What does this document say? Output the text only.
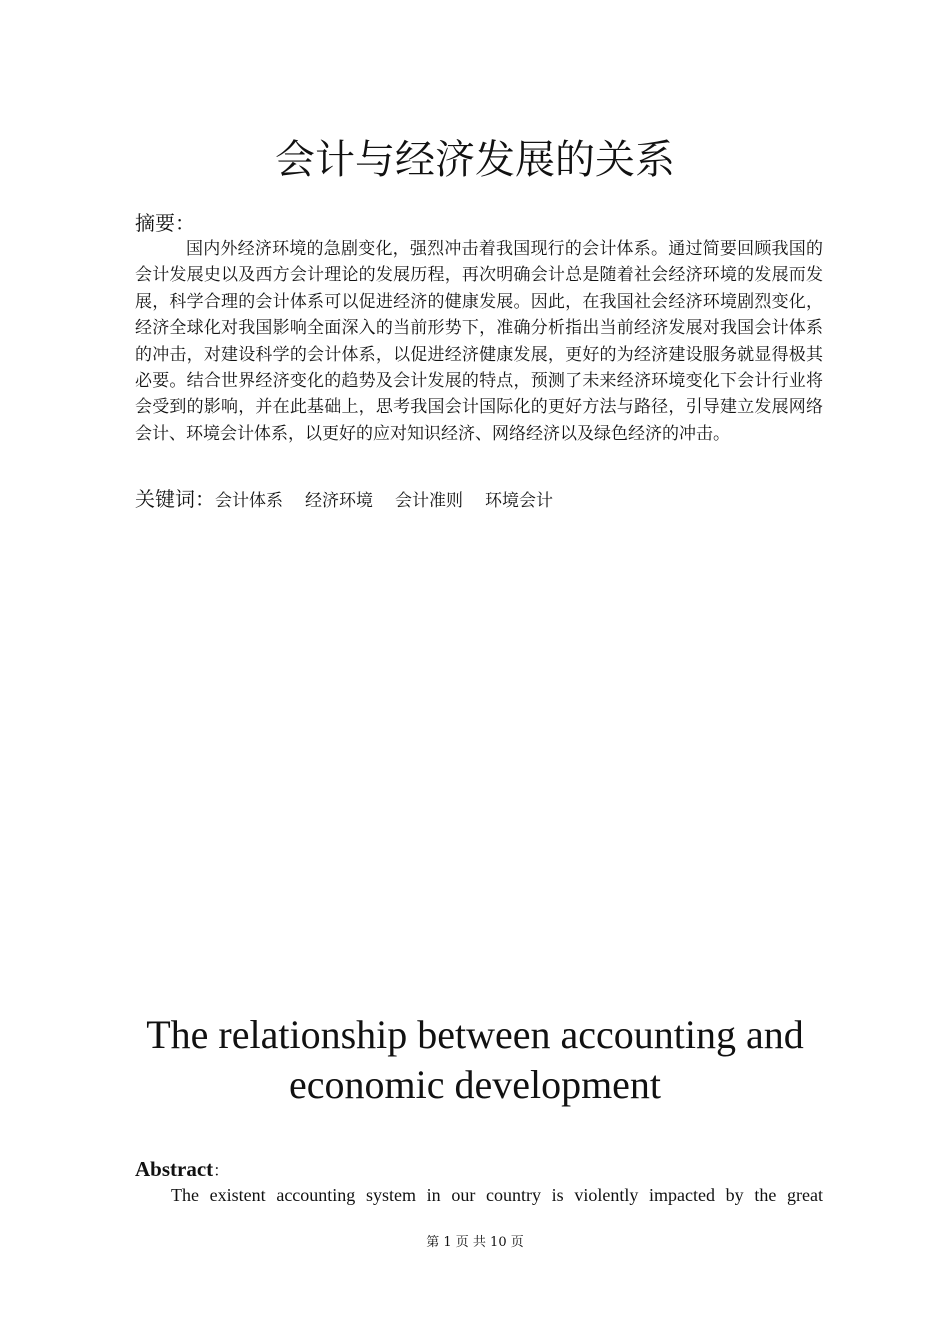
会计与经济发展的关系

摘要：

国内外经济环境的急剧变化，强烈冲击着我国现行的会计体系。通过简要回顾我国的会计发展史以及西方会计理论的发展历程，再次明确会计总是随着社会经济环境的发展而发展，科学合理的会计体系可以促进经济的健康发展。因此，在我国社会经济环境剧烈变化，经济全球化对我国影响全面深入的当前形势下，准确分析指出当前经济发展对我国会计体系的冲击，对建设科学的会计体系，以促进经济健康发展，更好的为经济建设服务就显得极其必要。结合世界经济变化的趋势及会计发展的特点，预测了未来经济环境变化下会计行业将会受到的影响，并在此基础上，思考我国会计国际化的更好方法与路径，引导建立发展网络会计、环境会计体系，以更好的应对知识经济、网络经济以及绿色经济的冲击。

关键词：会计体系 经济环境 会计准则 环境会计

The relationship between accounting and
economic development

Abstract：

The existent accounting system in our country is violently impacted by the great

第 1 页 共 10 页
